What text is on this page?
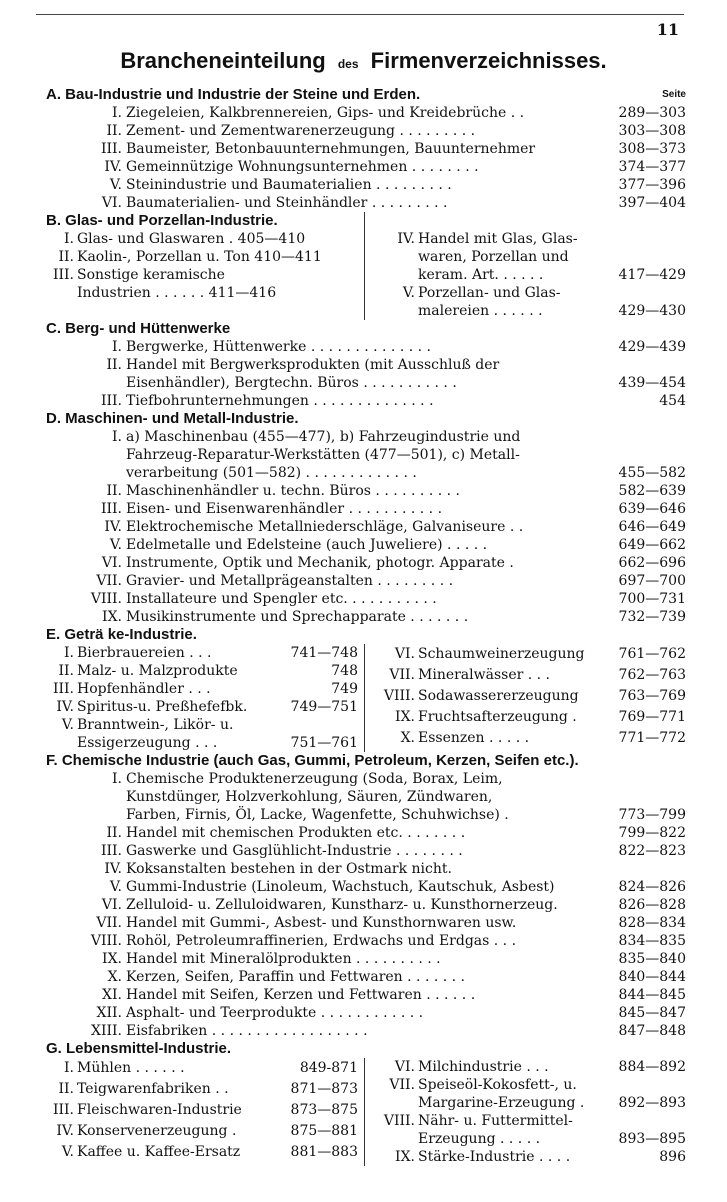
11
Brancheneinteilung des Firmenverzeichnisses.
A. Bau-Industrie und Industrie der Steine und Erden.	Seite
I. Ziegeleien, Kalkbrennereien, Gips- und Kreidebrüche . .	289—303
II. Zement- und Zementwarenerzeugung . . . . . . . . .	303—308
III. Baumeister, Betonbauunternehmungen, Bauunternehmer	308—373
IV. Gemeinnützige Wohnungsunternehmen . . . . . . . .	374—377
V. Steinindustrie und Baumaterialien . . . . . . . . .	377—396
VI. Baumaterialien- und Steinhändler . . . . . . . . .	397—404
B. Glas- und Porzellan-Industrie.
I. Glas- und Glaswaren . 405—410
II. Kaolin-, Porzellan u. Ton 410—411
III. Sonstige keramische
Industrien . . . . . . 411—416
IV. Handel mit Glas, Glas-
waren, Porzellan und
keram. Art. . . . . .	417—429
V. Porzellan- und Glas-
malereien . . . . . .	429—430
C. Berg- und Hüttenwerke
I. Bergwerke, Hüttenwerke . . . . . . . . . . . . . .	429—439
II. Handel mit Bergwerksprodukten (mit Ausschluß der
Eisenhändler), Bergtechn. Büros . . . . . . . . . . .	439—454
III. Tiefbohrunternehmungen . . . . . . . . . . . . . .	454
D. Maschinen- und Metall-Industrie.
I. a) Maschinenbau (455—477), b) Fahrzeugindustrie und
Fahrzeug-Reparatur-Werkstätten (477—501), c) Metall-
verarbeitung (501—582) . . . . . . . . . . . . .	455—582
II. Maschinenhändler u. techn. Büros . . . . . . . . . .	582—639
III. Eisen- und Eisenwarenhändler . . . . . . . . . . .	639—646
IV. Elektrochemische Metallniederschläge, Galvaniseure . .	646—649
V. Edelmetalle und Edelsteine (auch Juweliere) . . . . .	649—662
VI. Instrumente, Optik und Mechanik, photogr. Apparate .	662—696
VII. Gravier- und Metallprägeanstalten . . . . . . . . .	697—700
VIII. Installateure und Spengler etc. . . . . . . . . . .	700—731
IX. Musikinstrumente und Sprechapparate . . . . . . .	732—739
E. Geträ ke-Industrie.
I. Bierbrauereien . . .	741—748
II. Malz- u. Malzprodukte	748
III. Hopfenhändler . . .	749
IV. Spiritus-u. Preßhefefbk.	749—751
V. Branntwein-, Likör- u.
Essigerzeugung . . .	751—761
VI. Schaumweinerzeugung	761—762
VII. Mineralwässer . . .	762—763
VIII. Sodawassererzeugung	763—769
IX. Fruchtsafterzeugung .	769—771
X. Essenzen . . . . .	771—772
F. Chemische Industrie (auch Gas, Gummi, Petroleum, Kerzen, Seifen etc.).
I. Chemische Produktenerzeugung (Soda, Borax, Leim,
Kunstdünger, Holzverkohlung, Säuren, Zündwaren,
Farben, Firnis, Öl, Lacke, Wagenfette, Schuhwichse) .	773—799
II. Handel mit chemischen Produkten etc. . . . . . . .	799—822
III. Gaswerke und Gasglühlicht-Industrie . . . . . . . .	822—823
IV. Koksanstalten bestehen in der Ostmark nicht.
V. Gummi-Industrie (Linoleum, Wachstuch, Kautschuk, Asbest)	824—826
VI. Zelluloid- u. Zelluloidwaren, Kunstharz- u. Kunsthornerzeug.	826—828
VII. Handel mit Gummi-, Asbest- und Kunsthornwaren usw.	828—834
VIII. Rohöl, Petroleumraffinerien, Erdwachs und Erdgas . . .	834—835
IX. Handel mit Mineralölprodukten . . . . . . . . . .	835—840
X. Kerzen, Seifen, Paraffin und Fettwaren . . . . . . .	840—844
XI. Handel mit Seifen, Kerzen und Fettwaren . . . . . .	844—845
XII. Asphalt- und Teerprodukte . . . . . . . . . . . .	845—847
XIII. Eisfabriken . . . . . . . . . . . . . . . . . .	847—848
G. Lebensmittel-Industrie.
I. Mühlen . . . . . .	849-871
II. Teigwarenfabriken . .	871—873
III. Fleischwaren-Industrie	873—875
IV. Konservenerzeugung .	875—881
V. Kaffee u. Kaffee-Ersatz	881—883
VI. Milchindustrie . . .	884—892
VII. Speiseöl-Kokosfett-, u.
Margarine-Erzeugung .	892—893
VIII. Nähr- u. Futtermittel-
Erzeugung . . . . .	893—895
IX. Stärke-Industrie . . . .	896
